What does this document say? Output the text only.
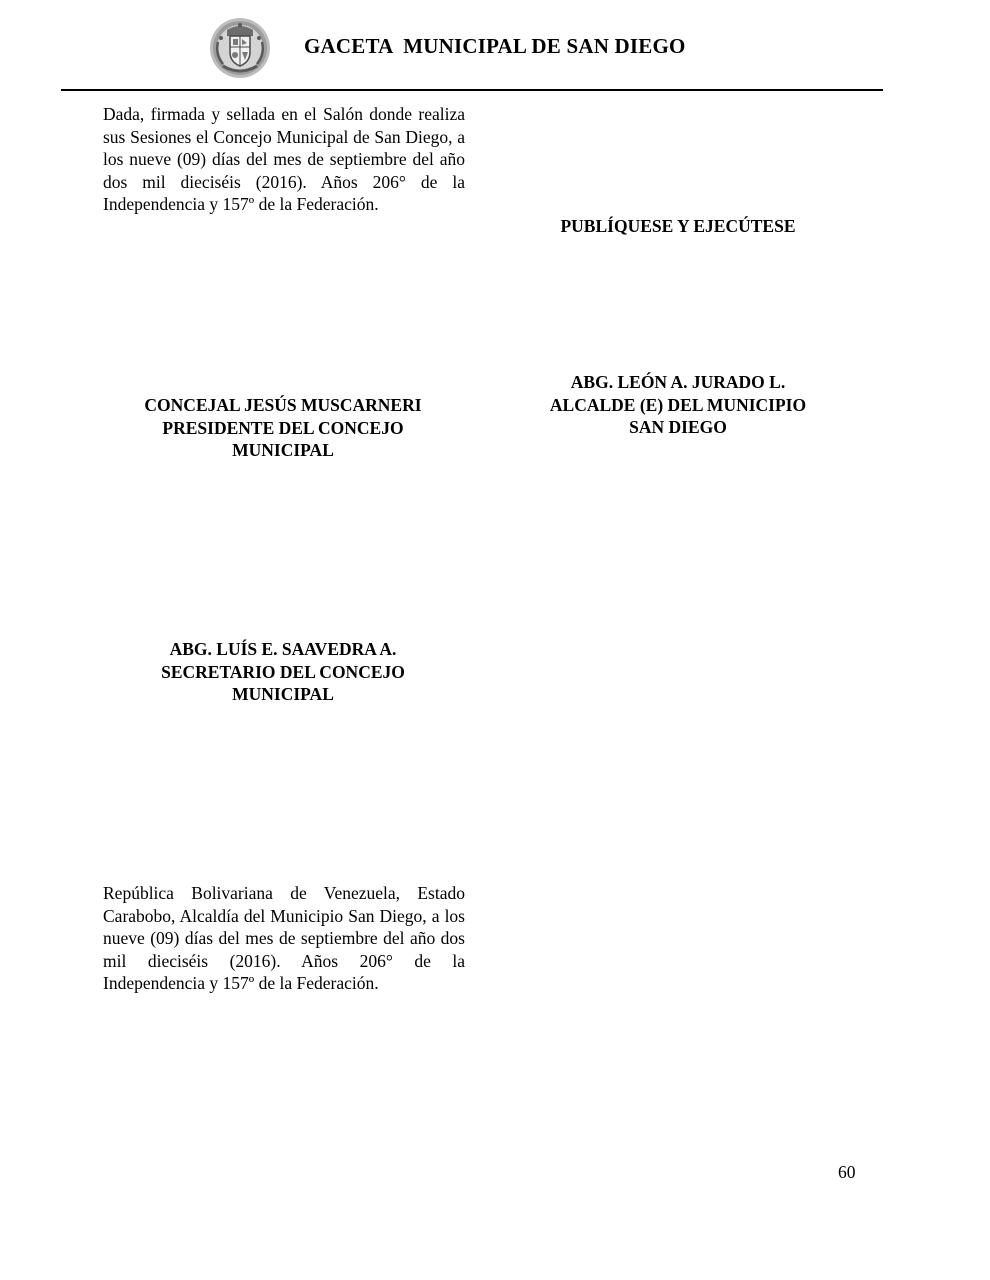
GACETA  MUNICIPAL DE SAN DIEGO
Dada, firmada y sellada en el Salón donde realiza sus Sesiones el Concejo Municipal de San Diego, a los nueve (09) días del mes de septiembre del año dos mil dieciséis (2016). Años 206° de la Independencia y 157º de la Federación.
PUBLÍQUESE Y EJECÚTESE
ABG. LEÓN A. JURADO L.
ALCALDE (E) DEL MUNICIPIO
SAN DIEGO
CONCEJAL JESÚS MUSCARNERI
PRESIDENTE DEL CONCEJO
MUNICIPAL
ABG. LUÍS E. SAAVEDRA A.
SECRETARIO DEL CONCEJO
MUNICIPAL
República Bolivariana de Venezuela, Estado Carabobo, Alcaldía del Municipio San Diego, a los nueve (09) días del mes de septiembre del año dos mil dieciséis (2016). Años 206° de la Independencia y 157º de la Federación.
60
